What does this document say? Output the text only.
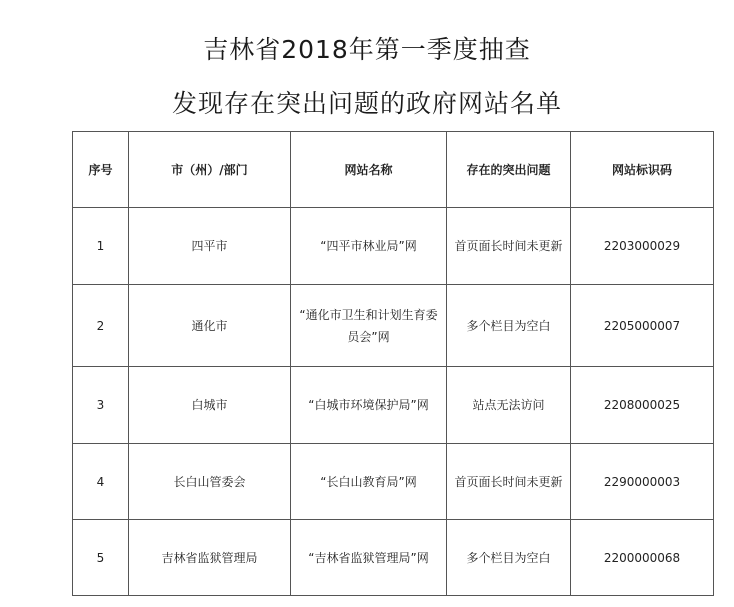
吉林省2018年第一季度抽查
发现存在突出问题的政府网站名单
序号	市（州）/部门	网站名称	存在的突出问题	网站标识码
1	四平市	“四平市林业局”网	首页面长时间未更新	2203000029
2	通化市	“通化市卫生和计划生育委员会”网	多个栏目为空白	2205000007
3	白城市	“白城市环境保护局”网	站点无法访问	2208000025
4	长白山管委会	“长白山教育局”网	首页面长时间未更新	2290000003
5	吉林省监狱管理局	“吉林省监狱管理局”网	多个栏目为空白	2200000068
